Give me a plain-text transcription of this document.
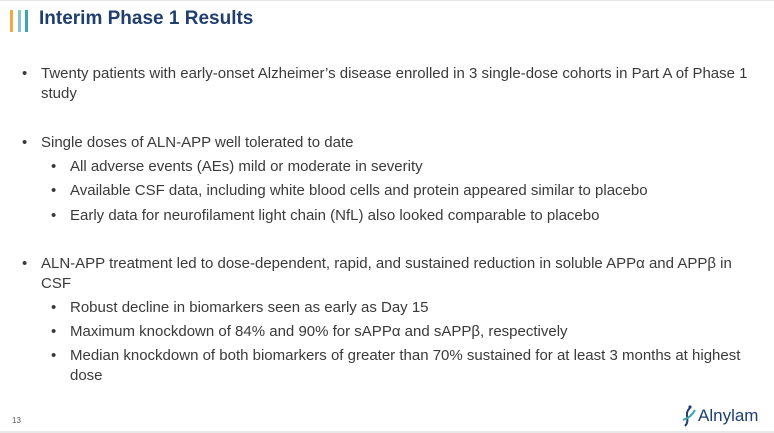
Interim Phase 1 Results
• Twenty patients with early-onset Alzheimer’s disease enrolled in 3 single-dose cohorts in Part A of Phase 1 study
• Single doses of ALN-APP well tolerated to date
• All adverse events (AEs) mild or moderate in severity
• Available CSF data, including white blood cells and protein appeared similar to placebo
• Early data for neurofilament light chain (NfL) also looked comparable to placebo
• ALN-APP treatment led to dose-dependent, rapid, and sustained reduction in soluble APPα and APPβ in CSF
• Robust decline in biomarkers seen as early as Day 15
• Maximum knockdown of 84% and 90% for sAPPα and sAPPβ, respectively
• Median knockdown of both biomarkers of greater than 70% sustained for at least 3 months at highest dose
13	Alnylam
